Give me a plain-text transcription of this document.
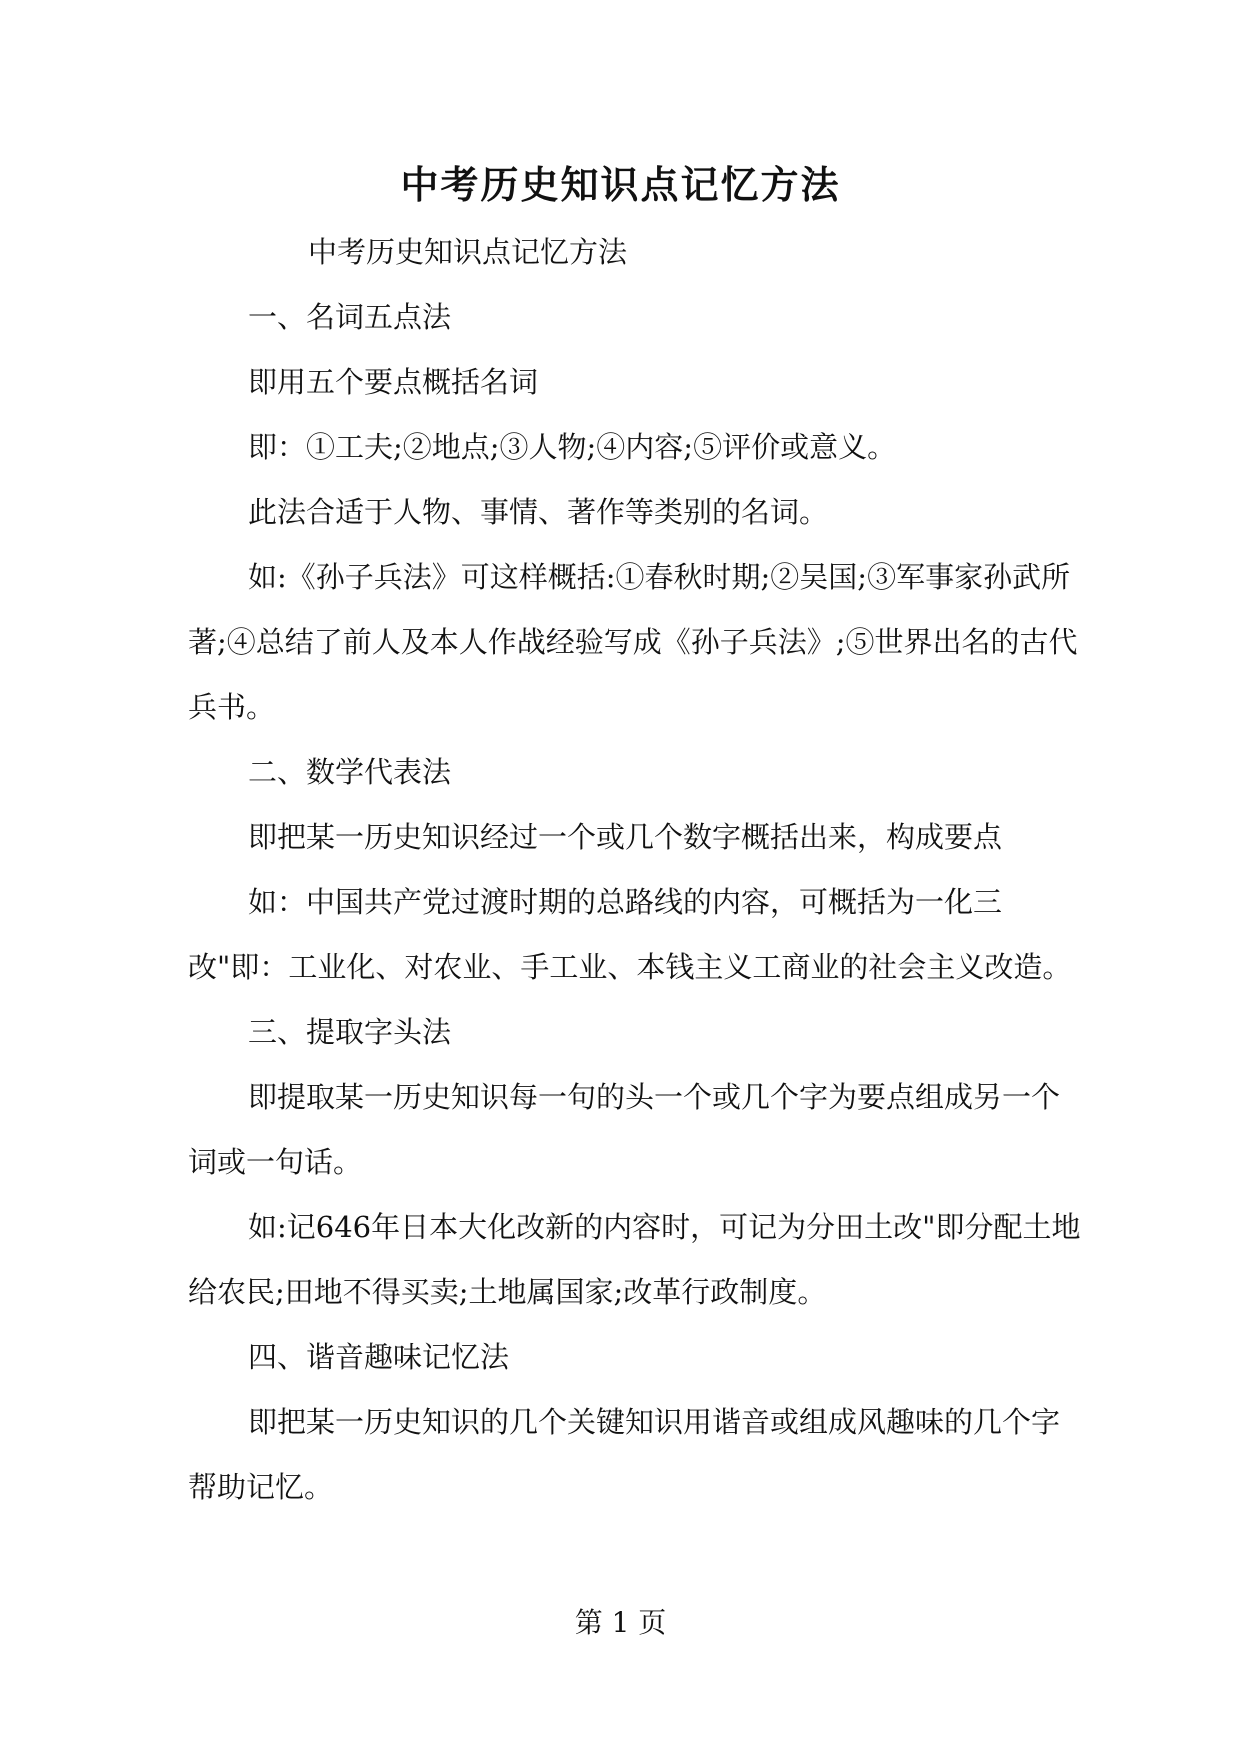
中考历史知识点记忆方法

中考历史知识点记忆方法

一、名词五点法

即用五个要点概括名词

即：①工夫;②地点;③人物;④内容;⑤评价或意义。

此法合适于人物、事情、著作等类别的名词。

如:《孙子兵法》可这样概括:①春秋时期;②吴国;③军事家孙武所著;④总结了前人及本人作战经验写成《孙子兵法》;⑤世界出名的古代兵书。

二、数学代表法

即把某一历史知识经过一个或几个数字概括出来，构成要点

如：中国共产党过渡时期的总路线的内容，可概括为一化三改"即：工业化、对农业、手工业、本钱主义工商业的社会主义改造。

三、提取字头法

即提取某一历史知识每一句的头一个或几个字为要点组成另一个词或一句话。

如:记646年日本大化改新的内容时，可记为分田土改"即分配土地给农民;田地不得买卖;土地属国家;改革行政制度。

四、谐音趣味记忆法

即把某一历史知识的几个关键知识用谐音或组成风趣味的几个字帮助记忆。

第 1 页
